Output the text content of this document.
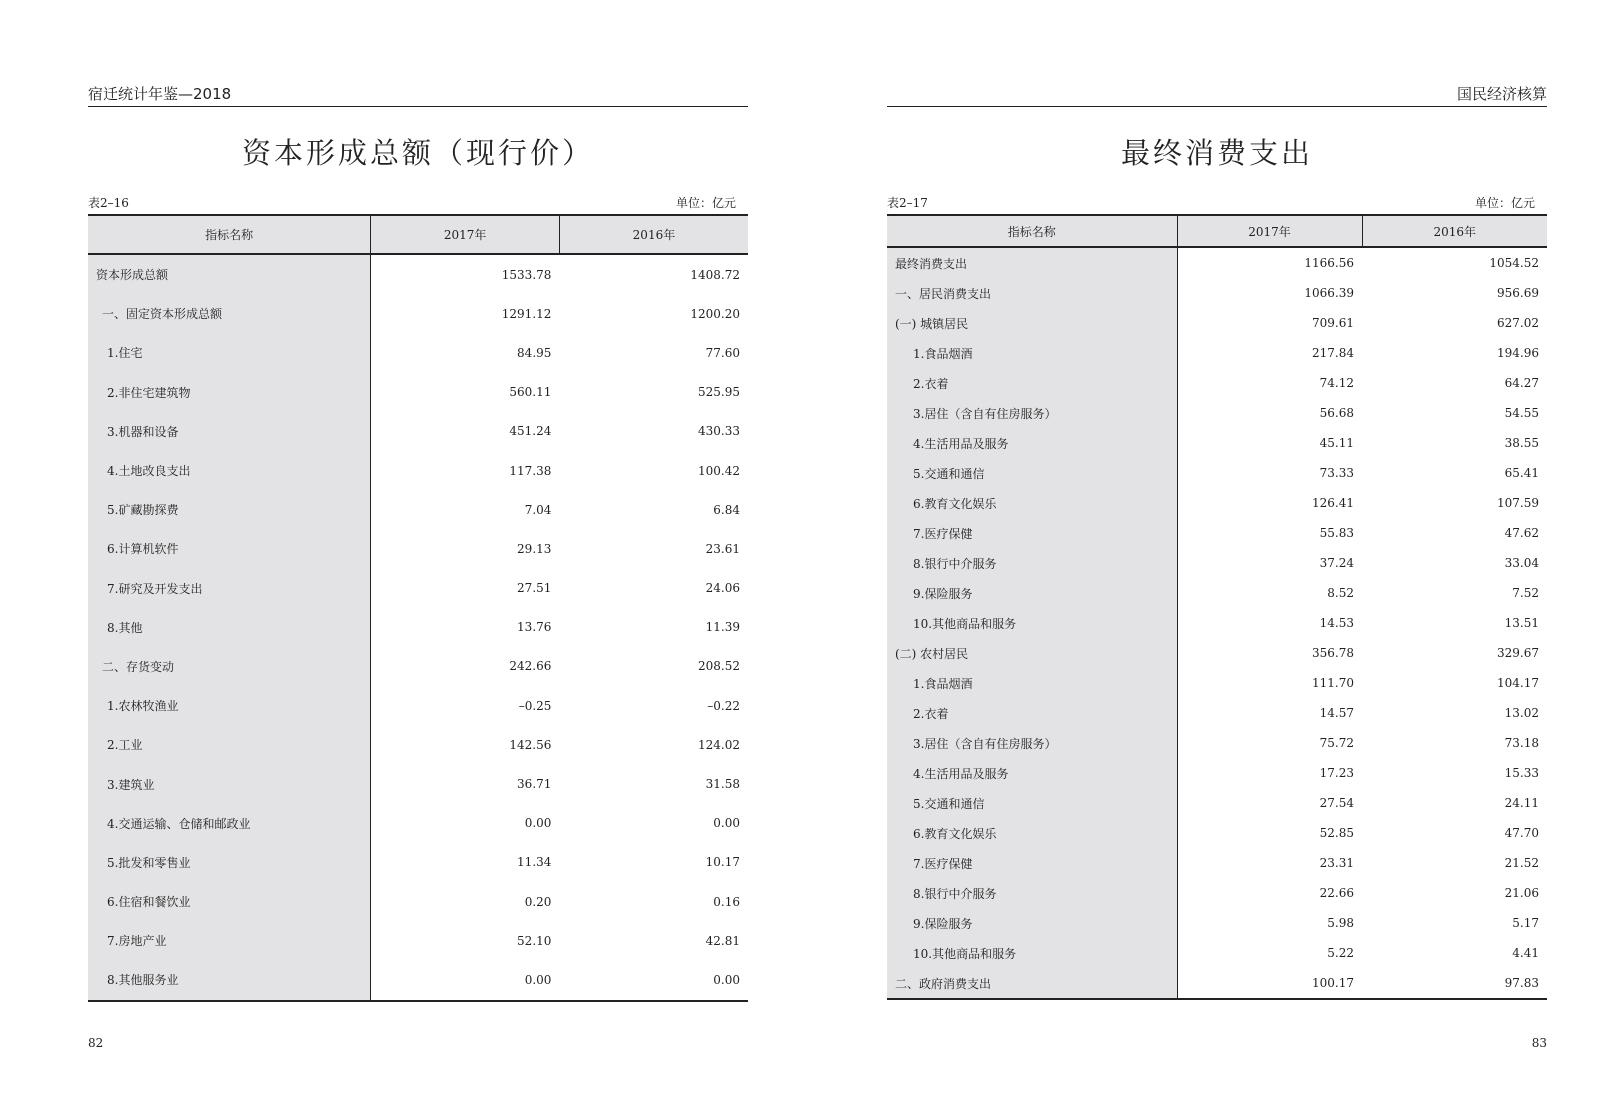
宿迁统计年鉴—2018
资本形成总额（现行价）
表2–16	单位：亿元
指标名称	2017年	2016年
资本形成总额	1533.78	1408.72
一、固定资本形成总额	1291.12	1200.20
1.住宅	84.95	77.60
2.非住宅建筑物	560.11	525.95
3.机器和设备	451.24	430.33
4.土地改良支出	117.38	100.42
5.矿藏勘探费	7.04	6.84
6.计算机软件	29.13	23.61
7.研究及开发支出	27.51	24.06
8.其他	13.76	11.39
二、存货变动	242.66	208.52
1.农林牧渔业	–0.25	–0.22
2.工业	142.56	124.02
3.建筑业	36.71	31.58
4.交通运输、仓储和邮政业	0.00	0.00
5.批发和零售业	11.34	10.17
6.住宿和餐饮业	0.20	0.16
7.房地产业	52.10	42.81
8.其他服务业	0.00	0.00
82
国民经济核算
最终消费支出
表2–17	单位：亿元
指标名称	2017年	2016年
最终消费支出	1166.56	1054.52
一、居民消费支出	1066.39	956.69
(一) 城镇居民	709.61	627.02
1.食品烟酒	217.84	194.96
2.衣着	74.12	64.27
3.居住（含自有住房服务）	56.68	54.55
4.生活用品及服务	45.11	38.55
5.交通和通信	73.33	65.41
6.教育文化娱乐	126.41	107.59
7.医疗保健	55.83	47.62
8.银行中介服务	37.24	33.04
9.保险服务	8.52	7.52
10.其他商品和服务	14.53	13.51
(二) 农村居民	356.78	329.67
1.食品烟酒	111.70	104.17
2.衣着	14.57	13.02
3.居住（含自有住房服务）	75.72	73.18
4.生活用品及服务	17.23	15.33
5.交通和通信	27.54	24.11
6.教育文化娱乐	52.85	47.70
7.医疗保健	23.31	21.52
8.银行中介服务	22.66	21.06
9.保险服务	5.98	5.17
10.其他商品和服务	5.22	4.41
二、政府消费支出	100.17	97.83
83
